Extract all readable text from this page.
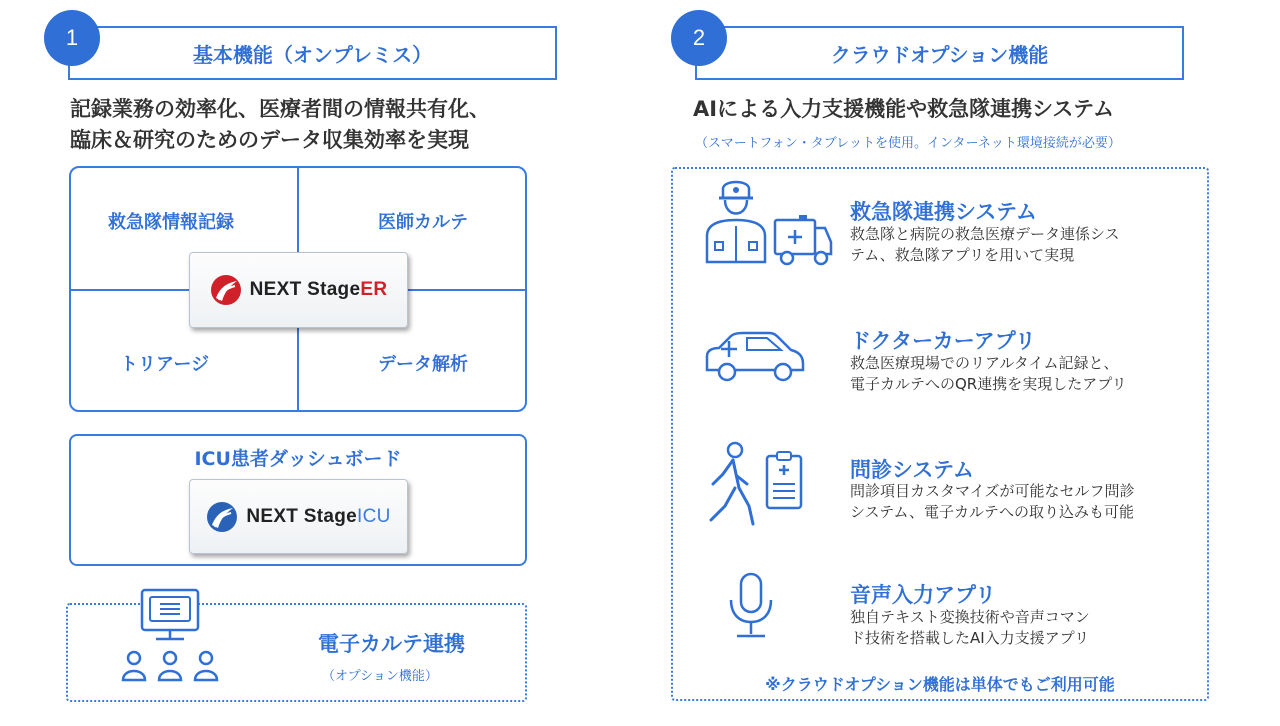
基本機能（オンプレミス）
1
記録業務の効率化、医療者間の情報共有化、
臨床＆研究のためのデータ収集効率を実現
救急隊情報記録	医師カルテ
トリアージ	データ解析
NEXT StageER
ICU患者ダッシュボード
NEXT StageICU
電子カルテ連携
（オプション機能）
クラウドオプション機能
2
AIによる入力支援機能や救急隊連携システム
（スマートフォン・タブレットを使用。インターネット環境接続が必要）
救急隊連携システム
救急隊と病院の救急医療データ連係シス
テム、救急隊アプリを用いて実現
ドクターカーアプリ
救急医療現場でのリアルタイム記録と、
電子カルテへのQR連携を実現したアプリ
問診システム
問診項目カスタマイズが可能なセルフ問診
システム、電子カルテへの取り込みも可能
音声入力アプリ
独自テキスト変換技術や音声コマン
ド技術を搭載したAI入力支援アプリ
※クラウドオプション機能は単体でもご利用可能
